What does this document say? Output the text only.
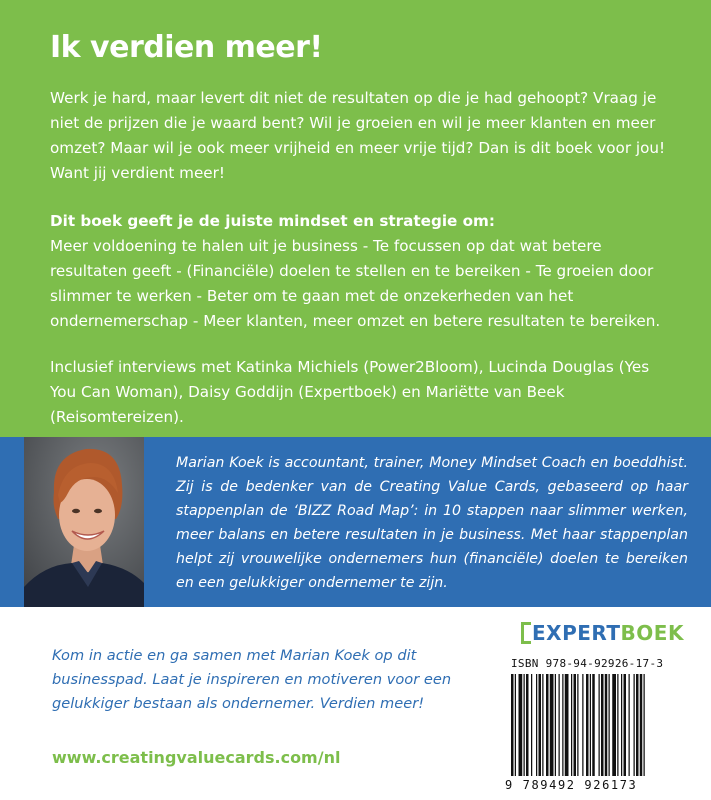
Ik verdien meer!

Werk je hard, maar levert dit niet de resultaten op die je had gehoopt? Vraag je niet de prijzen die je waard bent? Wil je groeien en wil je meer klanten en meer omzet? Maar wil je ook meer vrijheid en meer vrije tijd? Dan is dit boek voor jou! Want jij verdient meer!

Dit boek geeft je de juiste mindset en strategie om:

Meer voldoening te halen uit je business - Te focussen op dat wat betere resultaten geeft - (Financiële) doelen te stellen en te bereiken - Te groeien door slimmer te werken - Beter om te gaan met de onzekerheden van het ondernemerschap - Meer klanten, meer omzet en betere resultaten te bereiken.

Inclusief interviews met Katinka Michiels (Power2Bloom), Lucinda Douglas (Yes You Can Woman), Daisy Goddijn (Expertboek) en Mariëtte van Beek (Reisomtereizen).

Marian Koek is accountant, trainer, Money Mindset Coach en boeddhist. Zij is de bedenker van de Creating Value Cards, gebaseerd op haar stappenplan de ‘BIZZ Road Map’: in 10 stappen naar slimmer werken, meer balans en betere resultaten in je business. Met haar stappenplan helpt zij vrouwelijke ondernemers hun (financiële) doelen te bereiken en een gelukkiger ondernemer te zijn.

Kom in actie en ga samen met Marian Koek op dit businesspad. Laat je inspireren en motiveren voor een gelukkiger bestaan als ondernemer. Verdien meer!

www.creatingvaluecards.com/nl

EXPERT BOEK

ISBN 978-94-92926-17-3

9 789492 926173
